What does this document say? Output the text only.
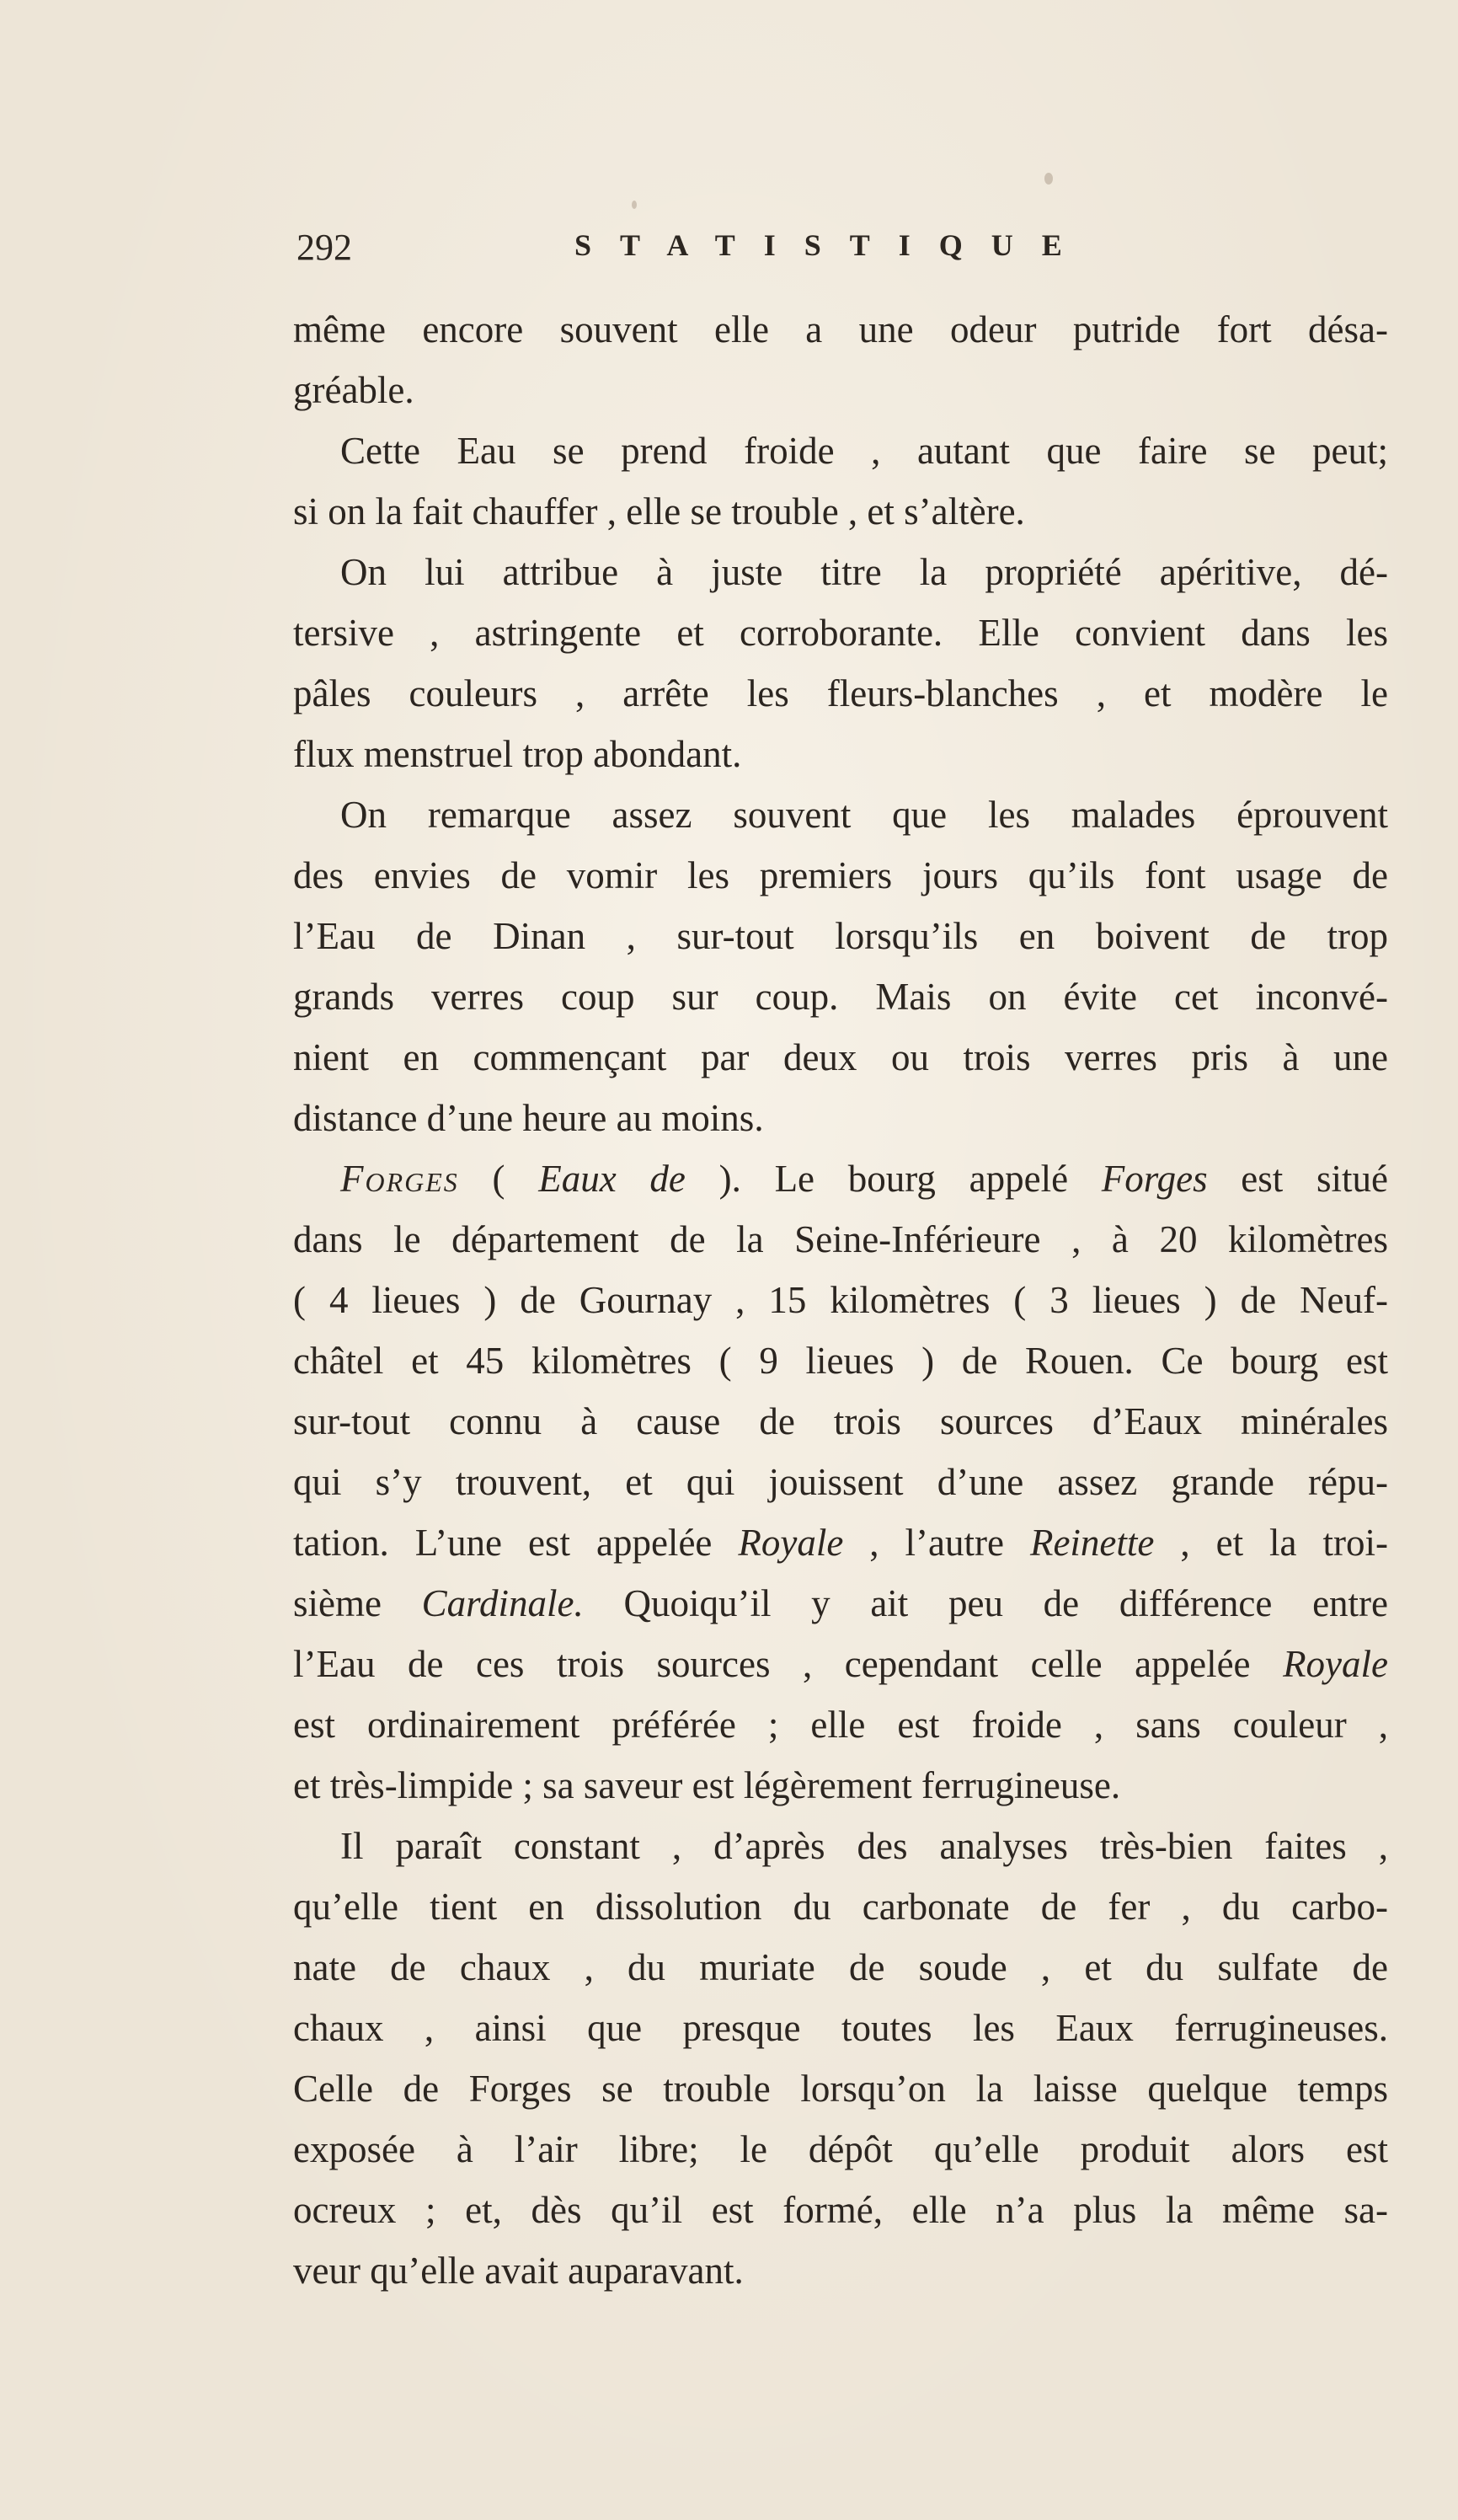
292	STATISTIQUE
même encore souvent elle a une odeur putride fort désa-
gréable.
Cette Eau se prend froide , autant que faire se peut;
si on la fait chauffer , elle se trouble , et s’altère.
On lui attribue à juste titre la propriété apéritive, dé-
tersive , astringente et corroborante. Elle convient dans les
pâles couleurs , arrête les fleurs-blanches , et modère le
flux menstruel trop abondant.
On remarque assez souvent que les malades éprouvent
des envies de vomir les premiers jours qu’ils font usage de
l’Eau de Dinan , sur-tout lorsqu’ils en boivent de trop
grands verres coup sur coup. Mais on évite cet inconvé-
nient en commençant par deux ou trois verres pris à une
distance d’une heure au moins.
Forges ( Eaux de ). Le bourg appelé Forges est situé
dans le département de la Seine-Inférieure , à 20 kilomètres
( 4 lieues ) de Gournay , 15 kilomètres ( 3 lieues ) de Neuf-
châtel et 45 kilomètres ( 9 lieues ) de Rouen. Ce bourg est
sur-tout connu à cause de trois sources d’Eaux minérales
qui s’y trouvent, et qui jouissent d’une assez grande répu-
tation. L’une est appelée Royale , l’autre Reinette , et la troi-
sième Cardinale. Quoiqu’il y ait peu de différence entre
l’Eau de ces trois sources , cependant celle appelée Royale
est ordinairement préférée ; elle est froide , sans couleur ,
et très-limpide ; sa saveur est légèrement ferrugineuse.
Il paraît constant , d’après des analyses très-bien faites ,
qu’elle tient en dissolution du carbonate de fer , du carbo-
nate de chaux , du muriate de soude , et du sulfate de
chaux , ainsi que presque toutes les Eaux ferrugineuses.
Celle de Forges se trouble lorsqu’on la laisse quelque temps
exposée à l’air libre; le dépôt qu’elle produit alors est
ocreux ; et, dès qu’il est formé, elle n’a plus la même sa-
veur qu’elle avait auparavant.
